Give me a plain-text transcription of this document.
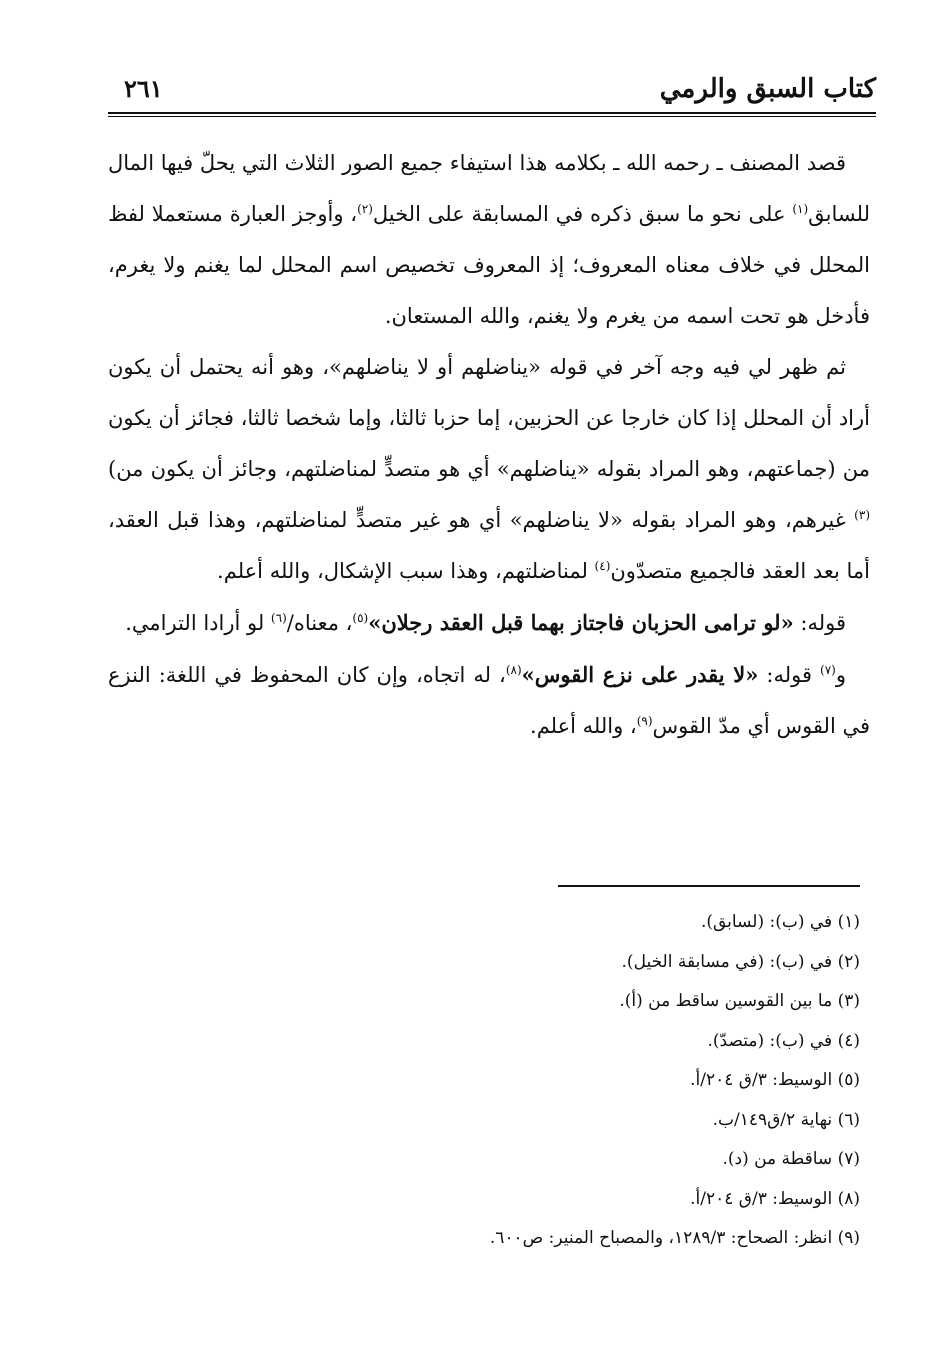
كتاب السبق والرمي
٢٦١

قصد المصنف ـ رحمه الله ـ بكلامه هذا استيفاء جميع الصور الثلاث التي يحلّ فيها المال للسابق$^{(١)}$ على نحو ما سبق ذكره في المسابقة على الخيل$^{(٢)}$، وأوجز العبارة مستعملا لفظ المحلل في خلاف معناه المعروف؛ إذ المعروف تخصيص اسم المحلل لما يغنم ولا يغرم، فأدخل هو تحت اسمه من يغرم ولا يغنم، والله المستعان.

ثم ظهر لي فيه وجه آخر في قوله «يناضلهم أو لا يناضلهم»، وهو أنه يحتمل أن يكون أراد أن المحلل إذا كان خارجا عن الحزبين، إما حزبا ثالثا، وإما شخصا ثالثا، فجائز أن يكون من (جماعتهم، وهو المراد بقوله «يناضلهم» أي هو متصدٍّ لمناضلتهم، وجائز أن يكون من)$^{(٣)}$ غيرهم، وهو المراد بقوله «لا يناضلهم» أي هو غير متصدٍّ لمناضلتهم، وهذا قبل العقد، أما بعد العقد فالجميع متصدّون$^{(٤)}$ لمناضلتهم، وهذا سبب الإشكال، والله أعلم.

قوله: «لو ترامى الحزبان فاجتاز بهما قبل العقد رجلان»$^{(٥)}$، معناه/$^{(٦)}$ لو أرادا الترامي.

و$^{(٧)}$ قوله: «لا يقدر على نزع القوس»$^{(٨)}$، له اتجاه، وإن كان المحفوظ في اللغة: النزع في القوس أي مدّ القوس$^{(٩)}$، والله أعلم.

(١) في (ب): (لسابق).
(٢) في (ب): (في مسابقة الخيل).
(٣) ما بين القوسين ساقط من (أ).
(٤) في (ب): (متصدّ).
(٥) الوسيط: ٣/ق ٢٠٤/أ.
(٦) نهاية ٢/ق١٤٩/ب.
(٧) ساقطة من (د).
(٨) الوسيط: ٣/ق ٢٠٤/أ.
(٩) انظر: الصحاح: ١٢٨٩/٣، والمصباح المنير: ص٦٠٠.
